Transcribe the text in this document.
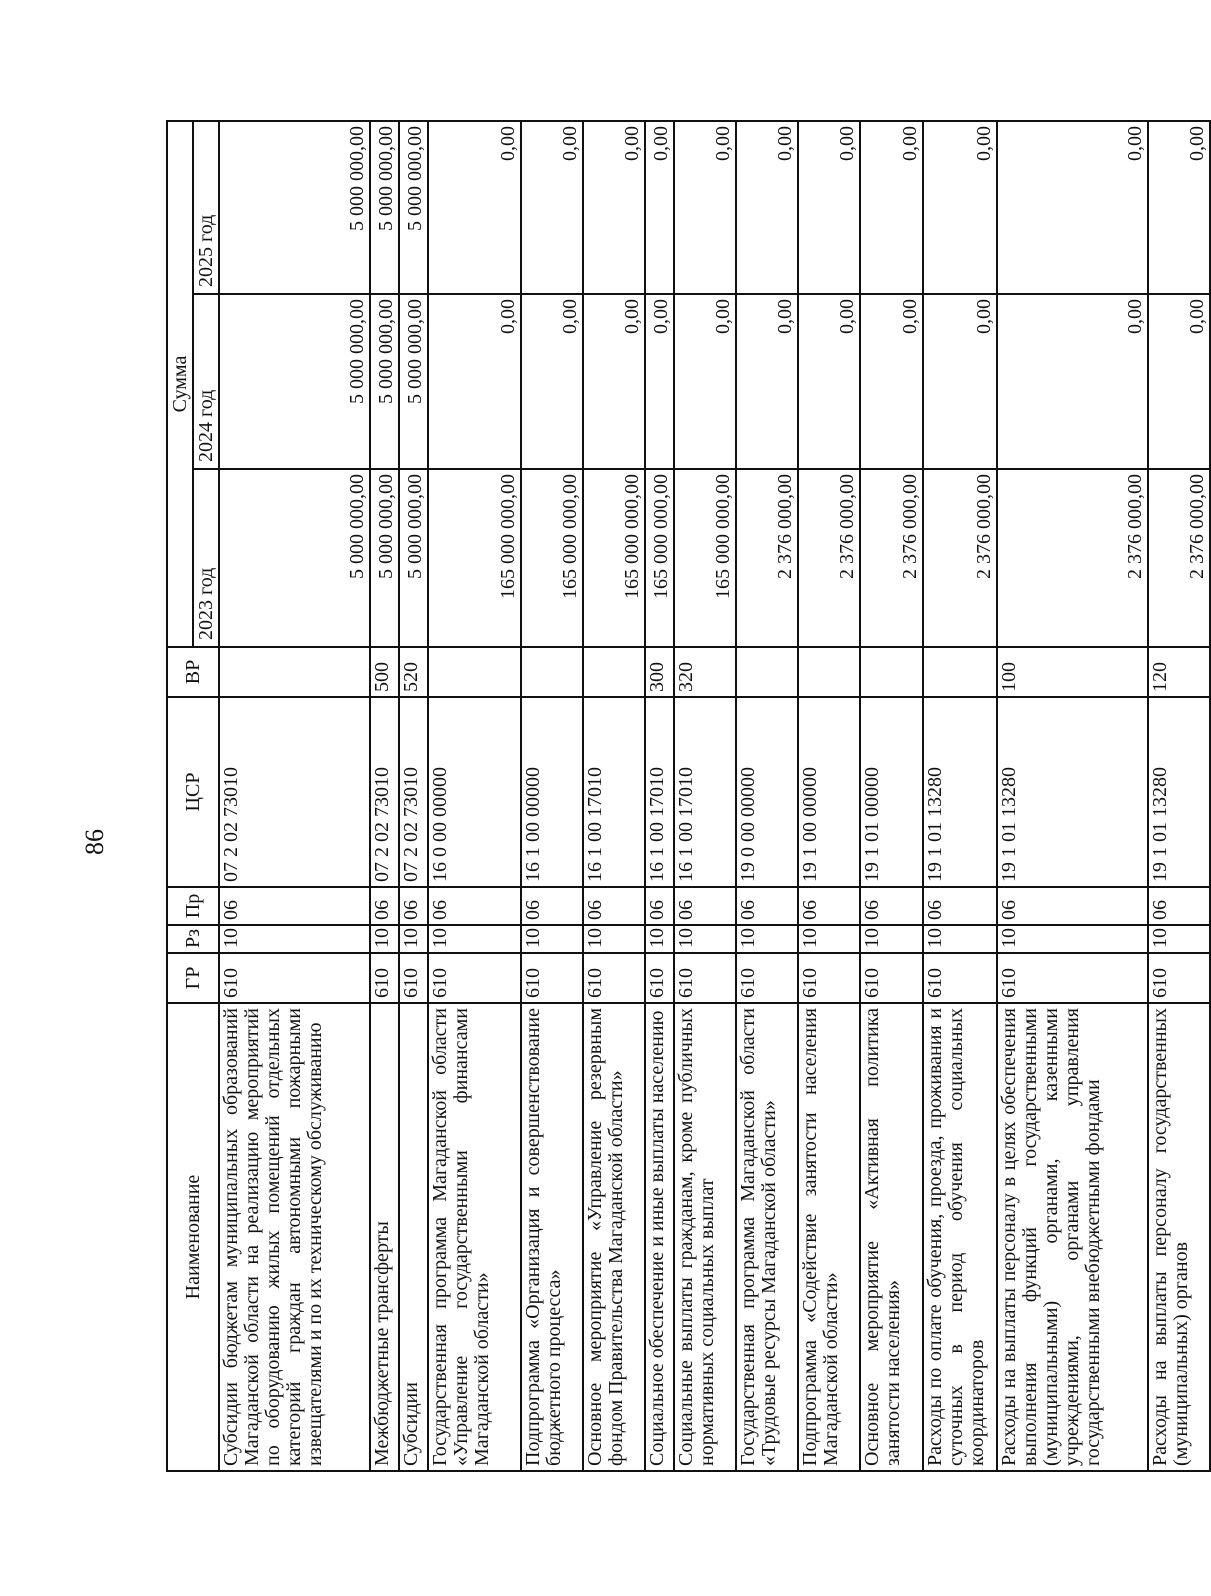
86
Наименование	ГР	Рз	Пр	ЦСР	ВР	Сумма		
						2023 год	2024 год	2025 год
Субсидии бюджетам муниципальных образований Магаданской области на реализацию мероприятий по оборудованию жилых помещений отдельных категорий граждан автономными пожарными извещателями и по их техническому обслуживанию	610	10	06	07 2 02 73010		5 000 000,00	5 000 000,00	5 000 000,00
Межбюджетные трансферты	610	10	06	07 2 02 73010	500	5 000 000,00	5 000 000,00	5 000 000,00
Субсидии	610	10	06	07 2 02 73010	520	5 000 000,00	5 000 000,00	5 000 000,00
Государственная программа Магаданской области «Управление государственными финансами Магаданской области»	610	10	06	16 0 00 00000		165 000 000,00	0,00	0,00
Подпрограмма «Организация и совершенствование бюджетного процесса»	610	10	06	16 1 00 00000		165 000 000,00	0,00	0,00
Основное мероприятие «Управление резервным фондом Правительства Магаданской области»	610	10	06	16 1 00 17010		165 000 000,00	0,00	0,00
Социальное обеспечение и иные выплаты населению	610	10	06	16 1 00 17010	300	165 000 000,00	0,00	0,00
Социальные выплаты гражданам, кроме публичных нормативных социальных выплат	610	10	06	16 1 00 17010	320	165 000 000,00	0,00	0,00
Государственная программа Магаданской области «Трудовые ресурсы Магаданской области»	610	10	06	19 0 00 00000		2 376 000,00	0,00	0,00
Подпрограмма «Содействие занятости населения Магаданской области»	610	10	06	19 1 00 00000		2 376 000,00	0,00	0,00
Основное мероприятие «Активная политика занятости населения»	610	10	06	19 1 01 00000		2 376 000,00	0,00	0,00
Расходы по оплате обучения, проезда, проживания и суточных в период обучения социальных координаторов	610	10	06	19 1 01 13280		2 376 000,00	0,00	0,00
Расходы на выплаты персоналу в целях обеспечения выполнения функций государственными (муниципальными) органами, казенными учреждениями, органами управления государственными внебюджетными фондами	610	10	06	19 1 01 13280	100	2 376 000,00	0,00	0,00
Расходы на выплаты персоналу государственных (муниципальных) органов	610	10	06	19 1 01 13280	120	2 376 000,00	0,00	0,00
